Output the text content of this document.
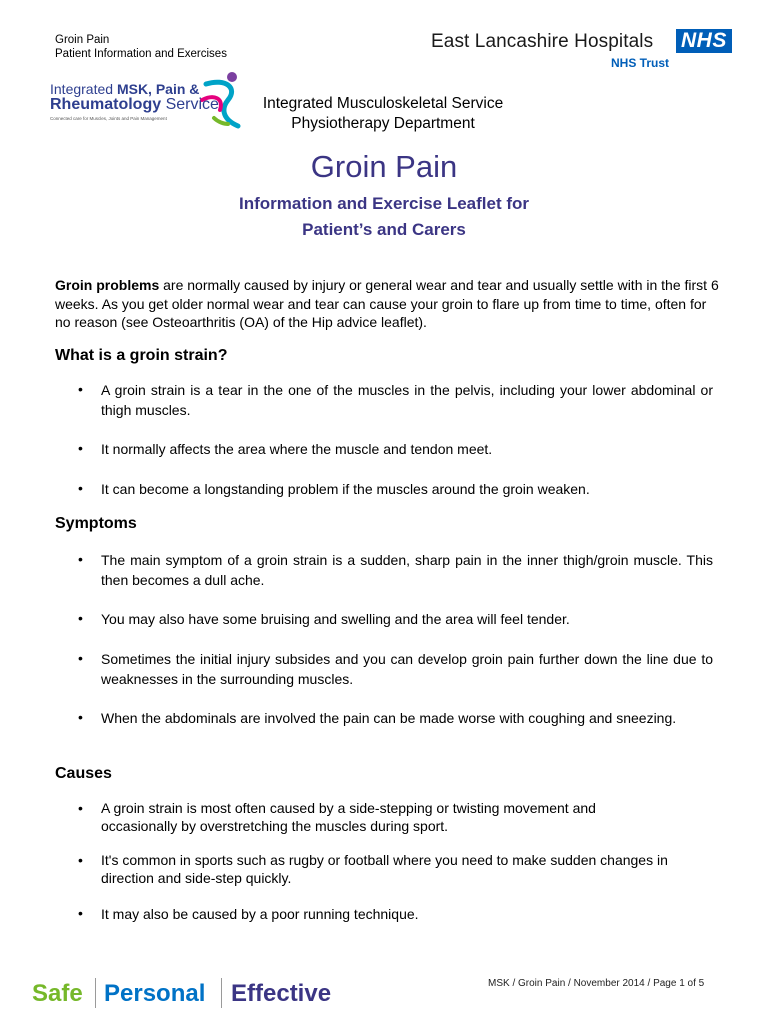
Groin Pain
Patient Information and Exercises
East Lancashire Hospitals NHS
NHS Trust
Integrated MSK, Pain &
Rheumatology Service
Connected care for Muscles, Joints and Pain Management
Integrated Musculoskeletal Service
Physiotherapy Department
Groin Pain
Information and Exercise Leaflet for
Patient’s and Carers
Groin problems are normally caused by injury or general wear and tear and usually settle with in the first 6 weeks. As you get older normal wear and tear can cause your groin to flare up from time to time, often for no reason (see Osteoarthritis (OA) of the Hip advice leaflet).
What is a groin strain?
• A groin strain is a tear in the one of the muscles in the pelvis, including your lower abdominal or thigh muscles.
• It normally affects the area where the muscle and tendon meet.
• It can become a longstanding problem if the muscles around the groin weaken.
Symptoms
• The main symptom of a groin strain is a sudden, sharp pain in the inner thigh/groin muscle. This then becomes a dull ache.
• You may also have some bruising and swelling and the area will feel tender.
• Sometimes the initial injury subsides and you can develop groin pain further down the line due to weaknesses in the surrounding muscles.
• When the abdominals are involved the pain can be made worse with coughing and sneezing.
Causes
• A groin strain is most often caused by a side-stepping or twisting movement and occasionally by overstretching the muscles during sport.
• It's common in sports such as rugby or football where you need to make sudden changes in direction and side-step quickly.
• It may also be caused by a poor running technique.
Safe Personal Effective	MSK / Groin Pain / November 2014 / Page 1 of 5
